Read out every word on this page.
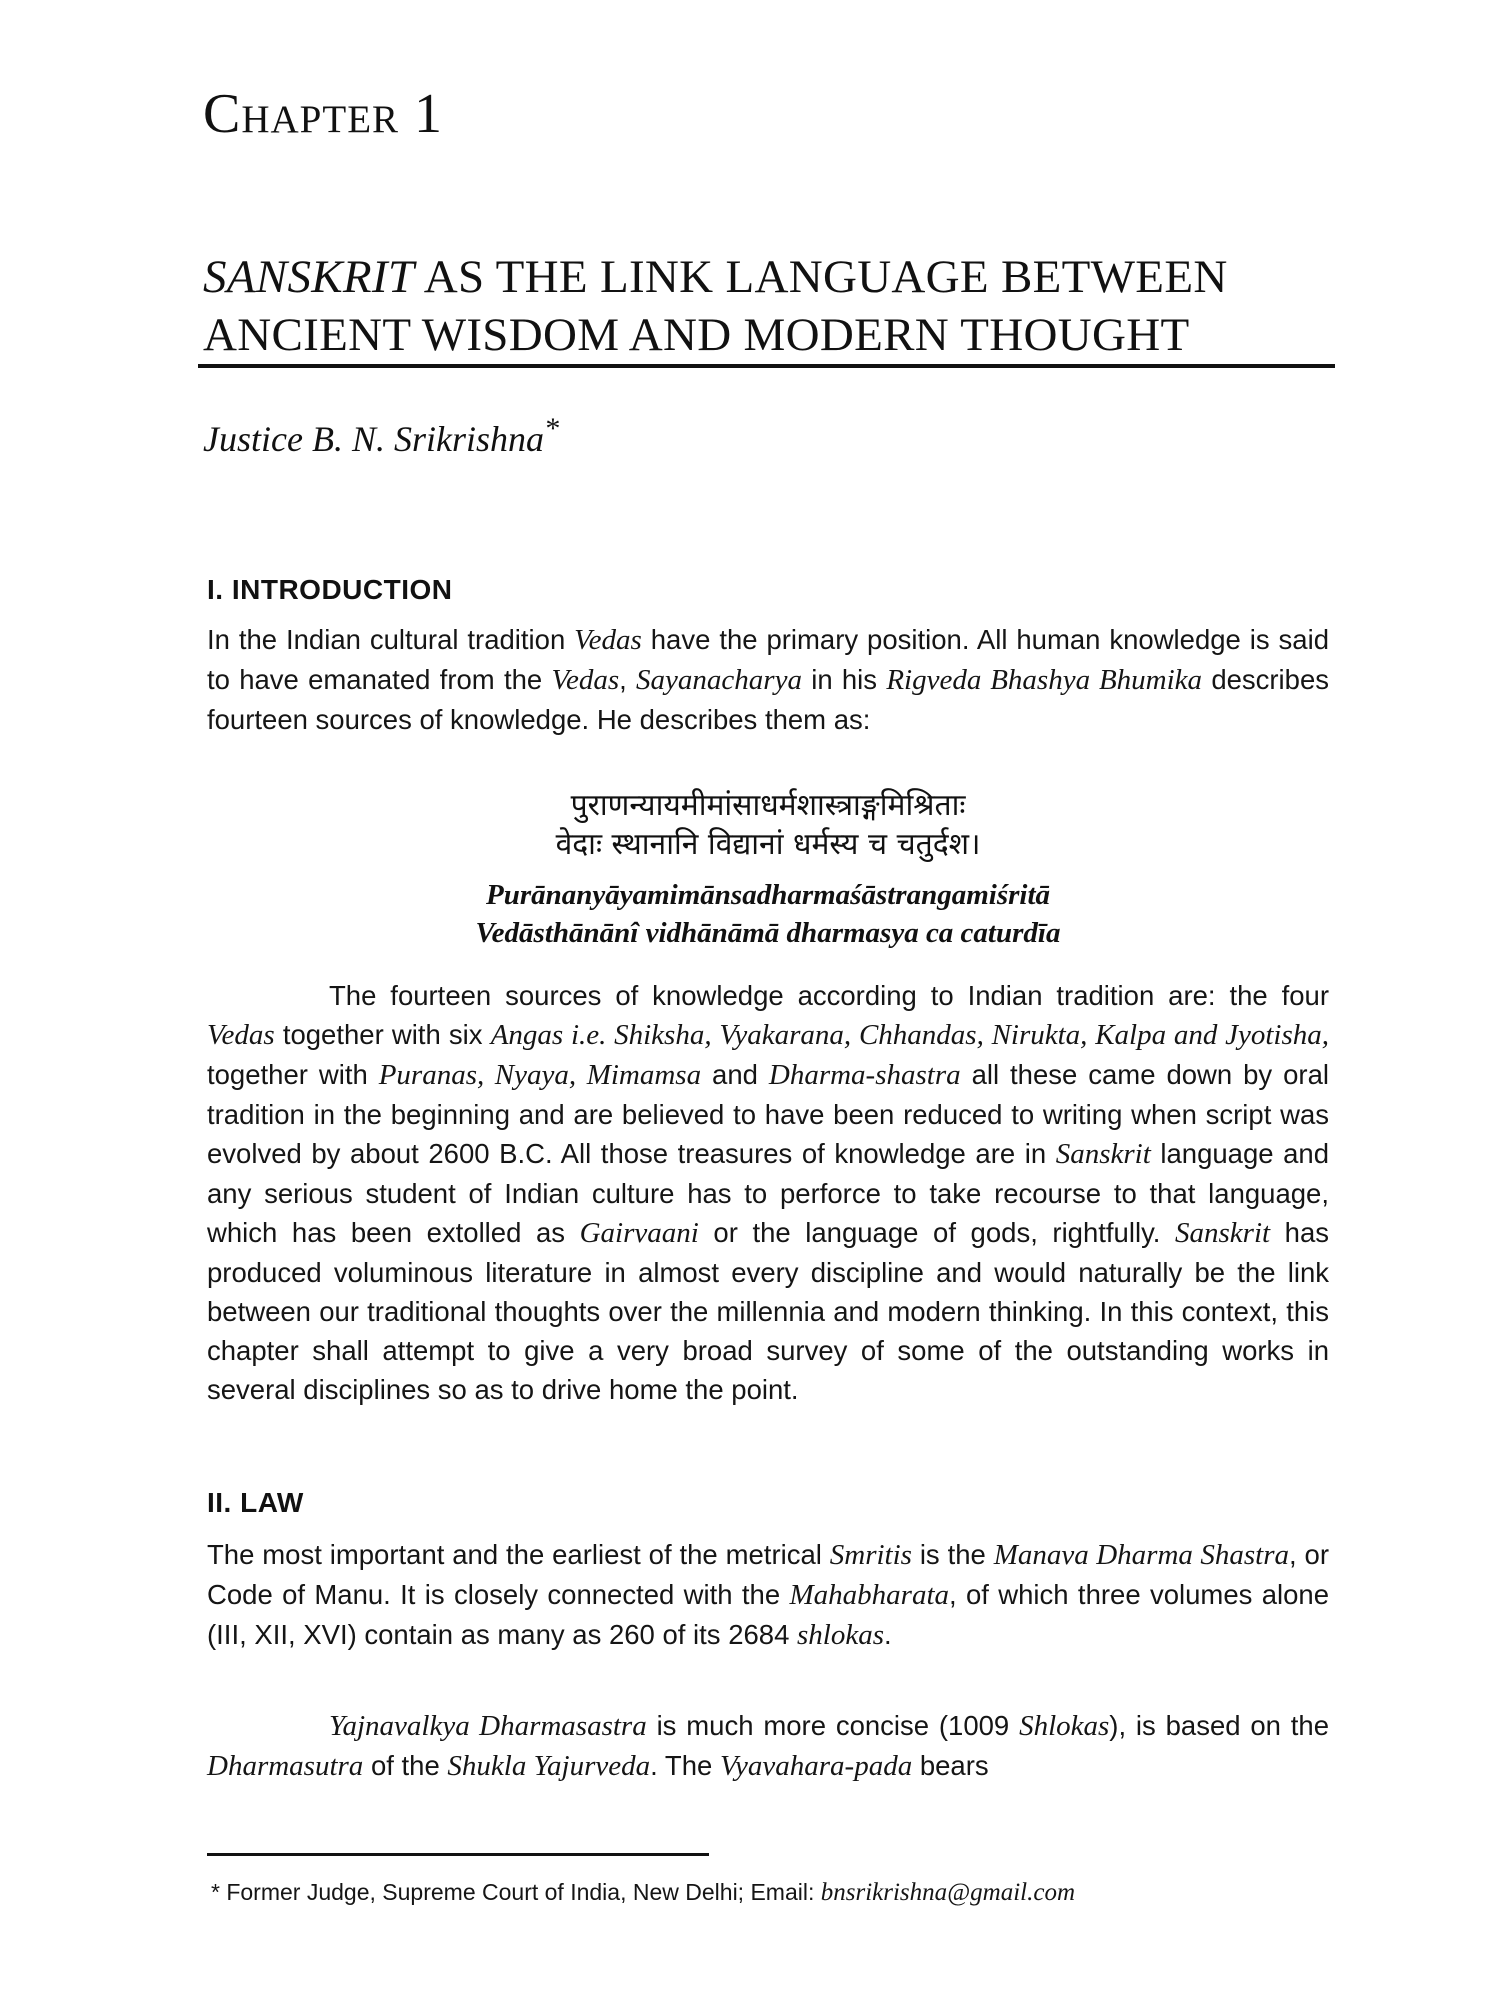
Chapter 1
SANSKRIT AS THE LINK LANGUAGE BETWEEN
ANCIENT WISDOM AND MODERN THOUGHT

Justice B. N. Srikrishna*

I. INTRODUCTION

In the Indian cultural tradition Vedas have the primary position. All human knowledge is said to have emanated from the Vedas, Sayanacharya in his Rigveda Bhashya Bhumika describes fourteen sources of knowledge. He describes them as:

पुराणन्यायमीमांसाधर्मशास्त्राङ्गमिश्रिताः

वेदाः स्थानानि विद्यानां धर्मस्य च चतुर्दश।

Purānanyāyamimānsadharmaśāstrangamiśritā

Vedāsthānānî vidhānāmā dharmasya ca caturdīa

The fourteen sources of knowledge according to Indian tradition are: the four Vedas together with six Angas i.e. Shiksha, Vyakarana, Chhandas, Nirukta, Kalpa and Jyotisha, together with Puranas, Nyaya, Mimamsa and Dharma-shastra all these came down by oral tradition in the beginning and are believed to have been reduced to writing when script was evolved by about 2600 B.C. All those treasures of knowledge are in Sanskrit language and any serious student of Indian culture has to perforce to take recourse to that language, which has been extolled as Gairvaani or the language of gods, rightfully. Sanskrit has produced voluminous literature in almost every discipline and would naturally be the link between our traditional thoughts over the millennia and modern thinking. In this context, this chapter shall attempt to give a very broad survey of some of the outstanding works in several disciplines so as to drive home the point.

II. LAW

The most important and the earliest of the metrical Smritis is the Manava Dharma Shastra, or Code of Manu. It is closely connected with the Mahabharata, of which three volumes alone (III, XII, XVI) contain as many as 260 of its 2684 shlokas.

Yajnavalkya Dharmasastra is much more concise (1009 Shlokas), is based on the Dharmasutra of the Shukla Yajurveda. The Vyavahara-pada bears

* Former Judge, Supreme Court of India, New Delhi; Email: bnsrikrishna@gmail.com
